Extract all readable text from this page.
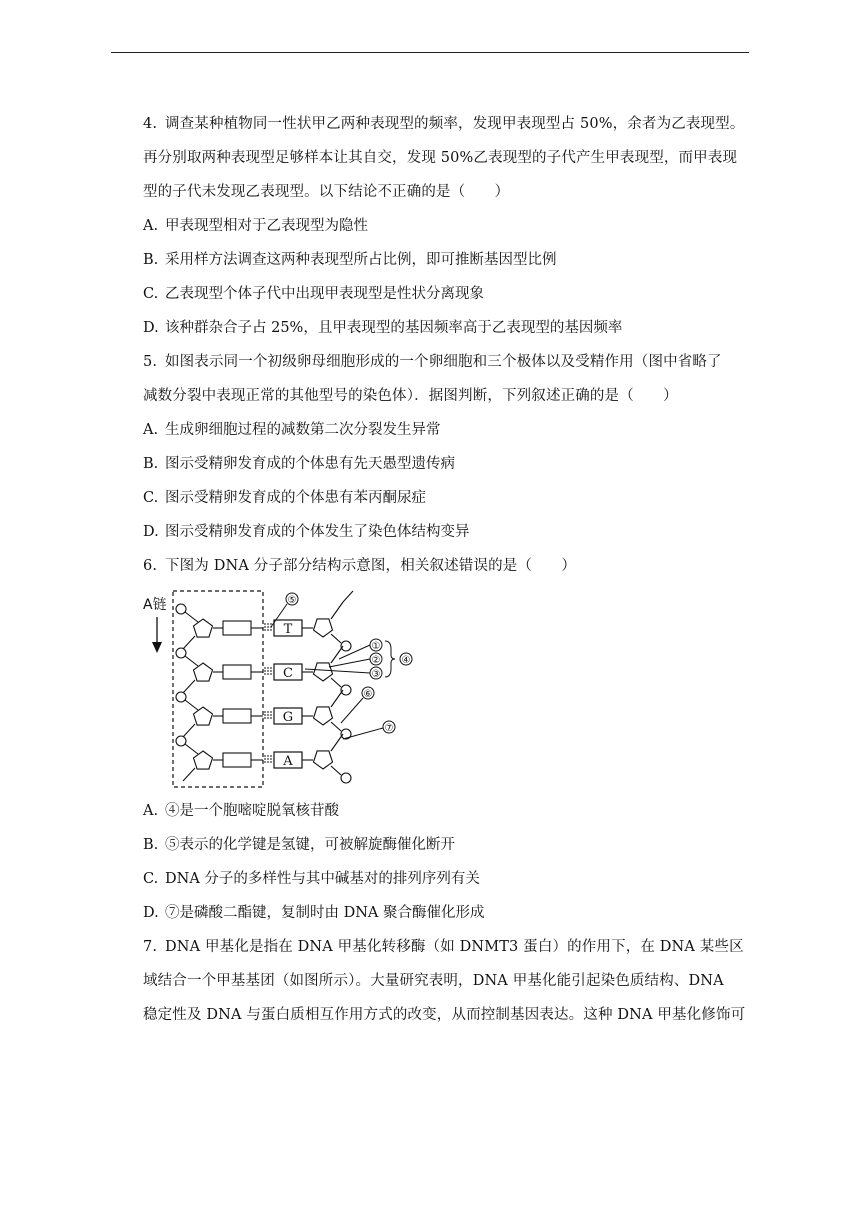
4. 调查某种植物同一性状甲乙两种表现型的频率，发现甲表现型占 50%，余者为乙表现型。
再分别取两种表现型足够样本让其自交，发现 50%乙表现型的子代产生甲表现型，而甲表现
型的子代未发现乙表现型。以下结论不正确的是（　　）
A. 甲表现型相对于乙表现型为隐性
B. 采用样方法调查这两种表现型所占比例，即可推断基因型比例
C. 乙表现型个体子代中出现甲表现型是性状分离现象
D. 该种群杂合子占 25%，且甲表现型的基因频率高于乙表现型的基因频率
5. 如图表示同一个初级卵母细胞形成的一个卵细胞和三个极体以及受精作用（图中省略了
减数分裂中表现正常的其他型号的染色体）．据图判断，下列叙述正确的是（　　）
A. 生成卵细胞过程的减数第二次分裂发生异常
B. 图示受精卵发育成的个体患有先天愚型遗传病
C. 图示受精卵发育成的个体患有苯丙酮尿症
D. 图示受精卵发育成的个体发生了染色体结构变异
6. 下图为 DNA 分子部分结构示意图，相关叙述错误的是（　　）
A链
T
C
G
A
⑤
①
②
③
④
⑥
⑦
A. ④是一个胞嘧啶脱氧核苷酸
B. ⑤表示的化学键是氢键，可被解旋酶催化断开
C. DNA 分子的多样性与其中碱基对的排列序列有关
D. ⑦是磷酸二酯键，复制时由 DNA 聚合酶催化形成
7. DNA 甲基化是指在 DNA 甲基化转移酶（如 DNMT3 蛋白）的作用下，在 DNA 某些区
域结合一个甲基基团（如图所示）。大量研究表明，DNA 甲基化能引起染色质结构、DNA
稳定性及 DNA 与蛋白质相互作用方式的改变，从而控制基因表达。这种 DNA 甲基化修饰可
